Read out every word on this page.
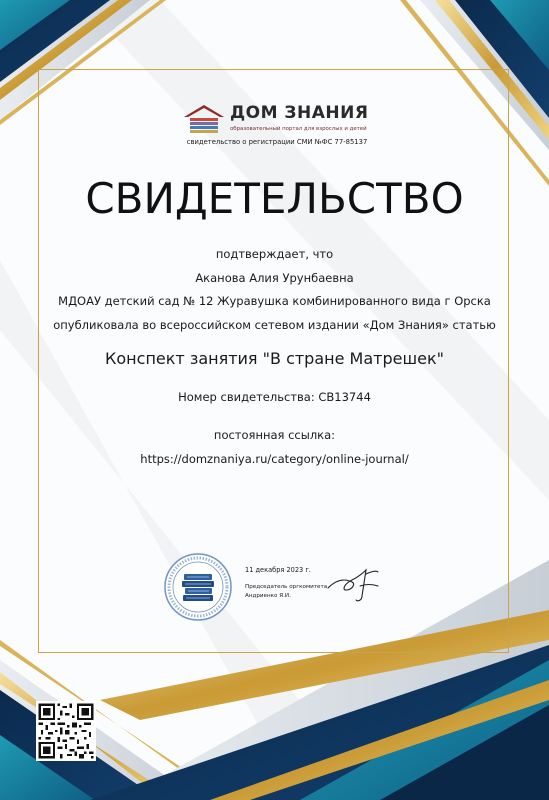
ДОМ ЗНАНИЯ
образовательный портал для взрослых и детей
свидетельство о регистрации СМИ №ФС 77-85137
СВИДЕТЕЛЬСТВО
подтверждает, что
Аканова Алия Урунбаевна
МДОАУ детский сад № 12 Журавушка комбинированного вида г Орска
опубликовала во всероссийском сетевом издании «Дом Знания» статью
Конспект занятия "В стране Матрешек"
Номер свидетельства: СВ13744
постоянная ссылка:
https://domznaniya.ru/category/online-journal/
11 декабря 2023 г.
Председатель оргкомитета
Андриенко Я.И.
